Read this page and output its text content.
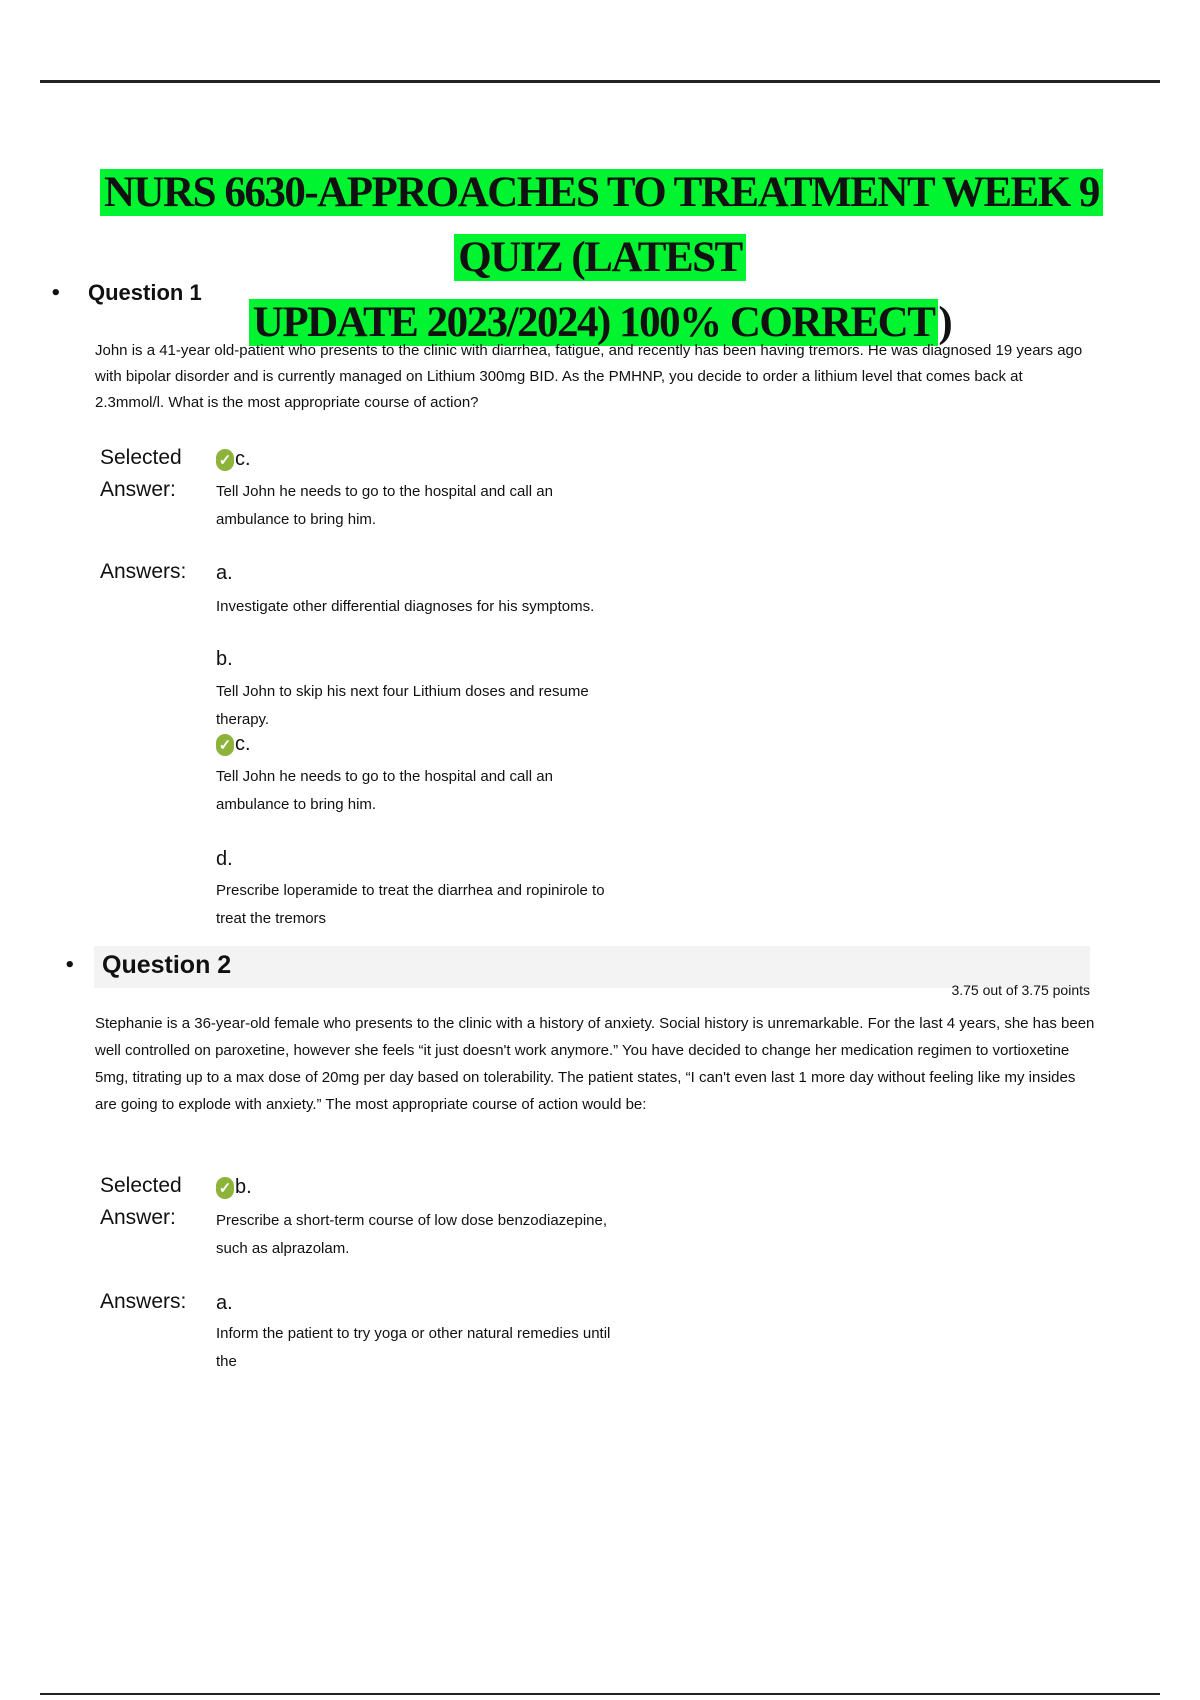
NURS 6630-APPROACHES TO TREATMENT WEEK 9 QUIZ (LATEST
UPDATE 2023/2024) 100% CORRECT)
• Question 1
John is a 41-year old-patient who presents to the clinic with diarrhea, fatigue, and recently has been having tremors. He was diagnosed 19 years ago with bipolar disorder and is currently managed on Lithium 300mg BID. As the PMHNP, you decide to order a lithium level that comes back at 2.3mmol/l. What is the most appropriate course of action?
Selected
Answer:
✓ c.
Tell John he needs to go to the hospital and call an ambulance to bring him.
Answers: a.
Investigate other differential diagnoses for his symptoms.
b.
Tell John to skip his next four Lithium doses and resume therapy.
✓ c.
Tell John he needs to go to the hospital and call an ambulance to bring him.
d.
Prescribe loperamide to treat the diarrhea and ropinirole to treat the tremors
• Question 2
3.75 out of 3.75 points
Stephanie is a 36-year-old female who presents to the clinic with a history of anxiety. Social history is unremarkable. For the last 4 years, she has been well controlled on paroxetine, however she feels “it just doesn't work anymore.” You have decided to change her medication regimen to vortioxetine 5mg, titrating up to a max dose of 20mg per day based on tolerability. The patient states, “I can't even last 1 more day without feeling like my insides are going to explode with anxiety.” The most appropriate course of action would be:
Selected
Answer:
✓ b.
Prescribe a short-term course of low dose benzodiazepine, such as alprazolam.
Answers: a.
Inform the patient to try yoga or other natural remedies until the
